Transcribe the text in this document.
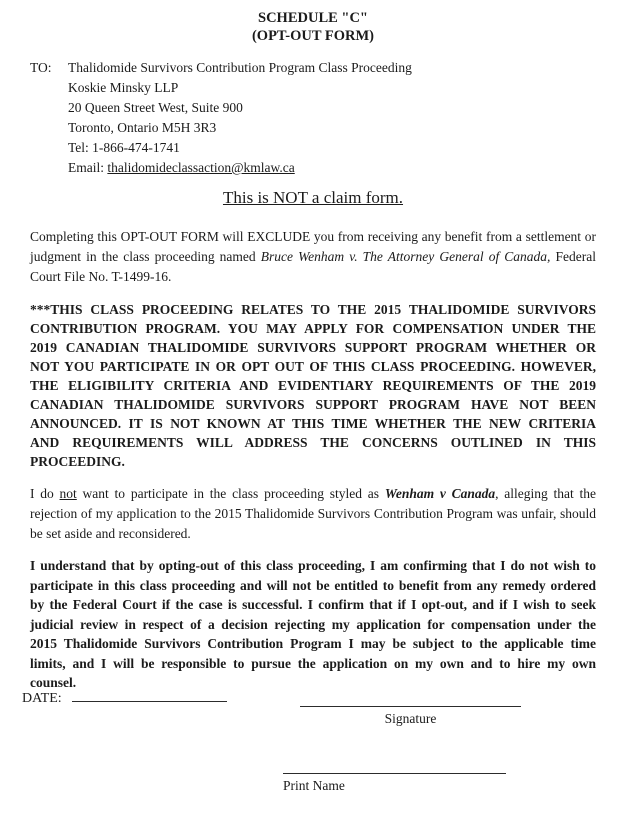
SCHEDULE "C"
(OPT-OUT FORM)
TO:	Thalidomide Survivors Contribution Program Class Proceeding
Koskie Minsky LLP
20 Queen Street West, Suite 900
Toronto, Ontario M5H 3R3
Tel: 1-866-474-1741
Email: thalidomideclassaction@kmlaw.ca
This is NOT a claim form.

Completing this OPT-OUT FORM will EXCLUDE you from receiving any benefit from a settlement or judgment in the class proceeding named Bruce Wenham v. The Attorney General of Canada, Federal Court File No. T-1499-16.

***THIS CLASS PROCEEDING RELATES TO THE 2015 THALIDOMIDE SURVIVORS CONTRIBUTION PROGRAM. YOU MAY APPLY FOR COMPENSATION UNDER THE 2019 CANADIAN THALIDOMIDE SURVIVORS SUPPORT PROGRAM WHETHER OR NOT YOU PARTICIPATE IN OR OPT OUT OF THIS CLASS PROCEEDING. HOWEVER, THE ELIGIBILITY CRITERIA AND EVIDENTIARY REQUIREMENTS OF THE 2019 CANADIAN THALIDOMIDE SURVIVORS SUPPORT PROGRAM HAVE NOT BEEN ANNOUNCED. IT IS NOT KNOWN AT THIS TIME WHETHER THE NEW CRITERIA AND REQUIREMENTS WILL ADDRESS THE CONCERNS OUTLINED IN THIS PROCEEDING.

I do not want to participate in the class proceeding styled as Wenham v Canada, alleging that the rejection of my application to the 2015 Thalidomide Survivors Contribution Program was unfair, should be set aside and reconsidered.

I understand that by opting-out of this class proceeding, I am confirming that I do not wish to participate in this class proceeding and will not be entitled to benefit from any remedy ordered by the Federal Court if the case is successful. I confirm that if I opt-out, and if I wish to seek judicial review in respect of a decision rejecting my application for compensation under the 2015 Thalidomide Survivors Contribution Program I may be subject to the applicable time limits, and I will be responsible to pursue the application on my own and to hire my own counsel.

DATE:
Signature
Print Name
